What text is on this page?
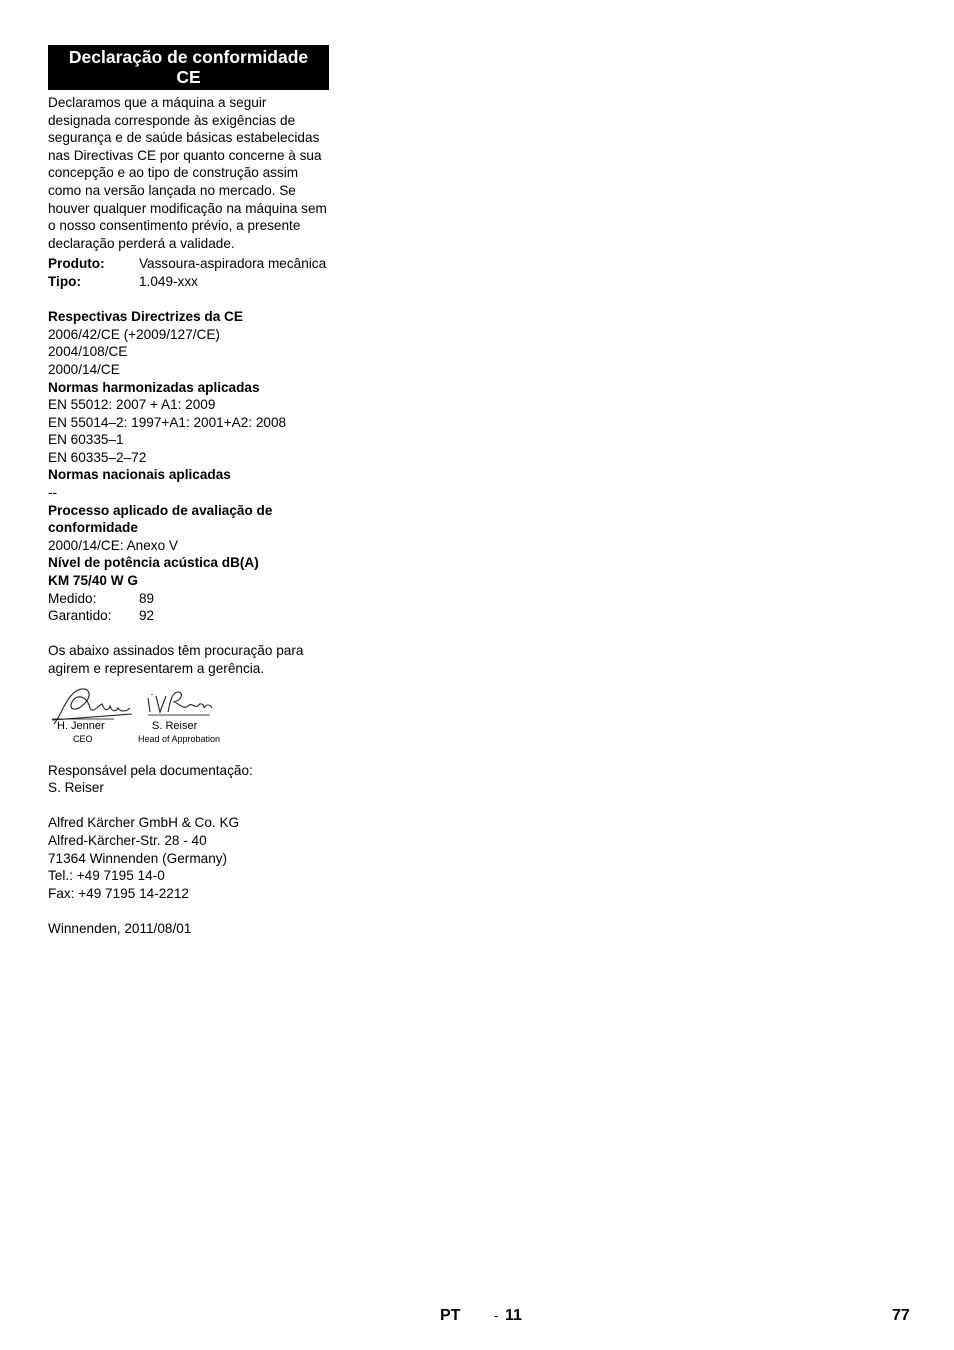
Declaração de conformidade
CE

Declaramos que a máquina a seguir designada corresponde às exigências de segurança e de saúde básicas estabelecidas nas Directivas CE por quanto concerne à sua concepção e ao tipo de construção assim como na versão lançada no mercado. Se houver qualquer modificação na máquina sem o nosso consentimento prévio, a presente declaração perderá a validade.

Produto:	Vassoura-aspiradora mecânica
Tipo:	1.049-xxx
Respectivas Directrizes da CE
2006/42/CE (+2009/127/CE)
2004/108/CE
2000/14/CE
Normas harmonizadas aplicadas
EN 55012: 2007 + A1: 2009
EN 55014–2: 1997+A1: 2001+A2: 2008
EN 60335–1
EN 60335–2–72
Normas nacionais aplicadas
--
Processo aplicado de avaliação de conformidade
2000/14/CE: Anexo V
Nível de potência acústica dB(A)
KM 75/40 W G
Medido:	89
Garantido:	92

Os abaixo assinados têm procuração para agirem e representarem a gerência.

i.V. Reiser
H. Jenner
CEO
S. Reiser
Head of Approbation
Responsável pela documentação:
S. Reiser
Alfred Kärcher GmbH & Co. KG
Alfred-Kärcher-Str. 28 - 40
71364 Winnenden (Germany)
Tel.: +49 7195 14-0
Fax: +49 7195 14-2212
Winnenden, 2011/08/01
PT	- 11	77
